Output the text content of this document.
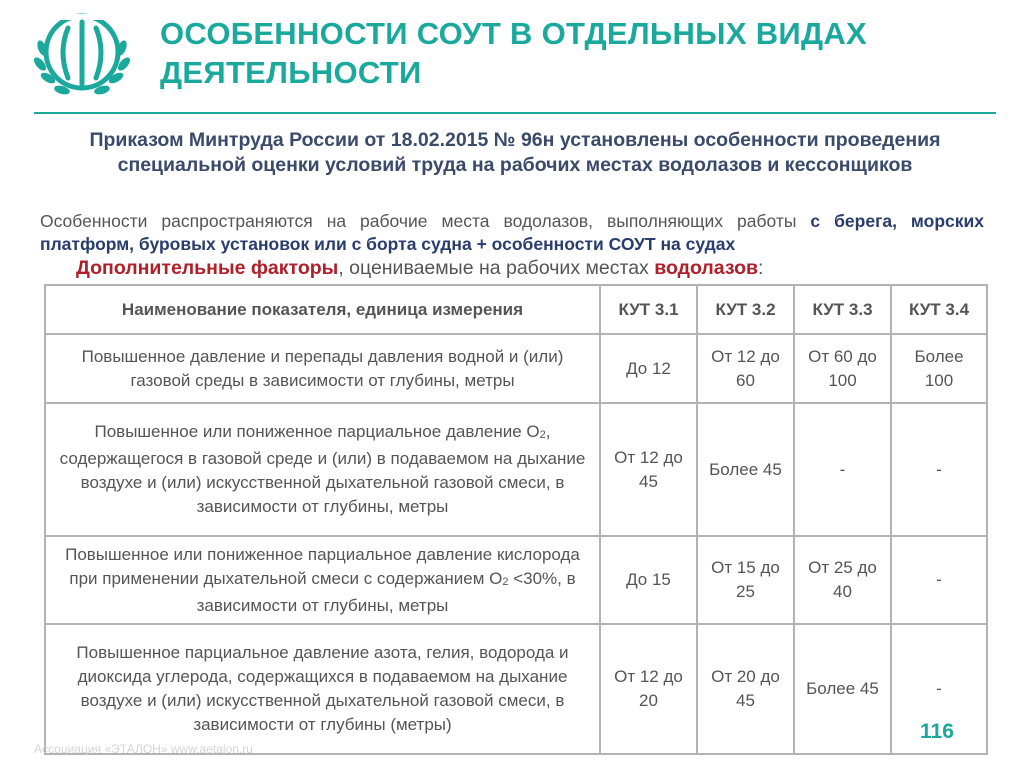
ОСОБЕННОСТИ СОУТ В ОТДЕЛЬНЫХ ВИДАХ ДЕЯТЕЛЬНОСТИ
Приказом Минтруда России от 18.02.2015 № 96н установлены особенности проведения специальной оценки условий труда на рабочих местах водолазов и кессонщиков
Особенности распространяются на рабочие места водолазов, выполняющих работы с берега, морских платформ, буровых установок или с борта судна + особенности СОУТ на судах
Дополнительные факторы, оцениваемые на рабочих местах водолазов:
Наименование показателя, единица измерения	КУТ 3.1	КУТ 3.2	КУТ 3.3	КУТ 3.4
Повышенное давление и перепады давления водной и (или) газовой среды в зависимости от глубины, метры	До 12	От 12 до 60	От 60 до 100	Более 100
Повышенное или пониженное парциальное давление $О_2$, содержащегося в газовой среде и (или) в подаваемом на дыхание воздухе и (или) искусственной дыхательной газовой смеси, в зависимости от глубины, метры	От 12 до 45	Более 45	-	-
Повышенное или пониженное парциальное давление кислорода при применении дыхательной смеси с содержанием $О_2 <30\%$, в зависимости от глубины, метры	До 15	От 15 до 25	От 25 до 40	-
Повышенное парциальное давление азота, гелия, водорода и диоксида углерода, содержащихся в подаваемом на дыхание воздухе и (или) искусственной дыхательной газовой смеси, в зависимости от глубины (метры)	От 12 до 20	От 20 до 45	Более 45	-
Ассоциация «ЭТАЛОН» www.aetalon.ru
116
